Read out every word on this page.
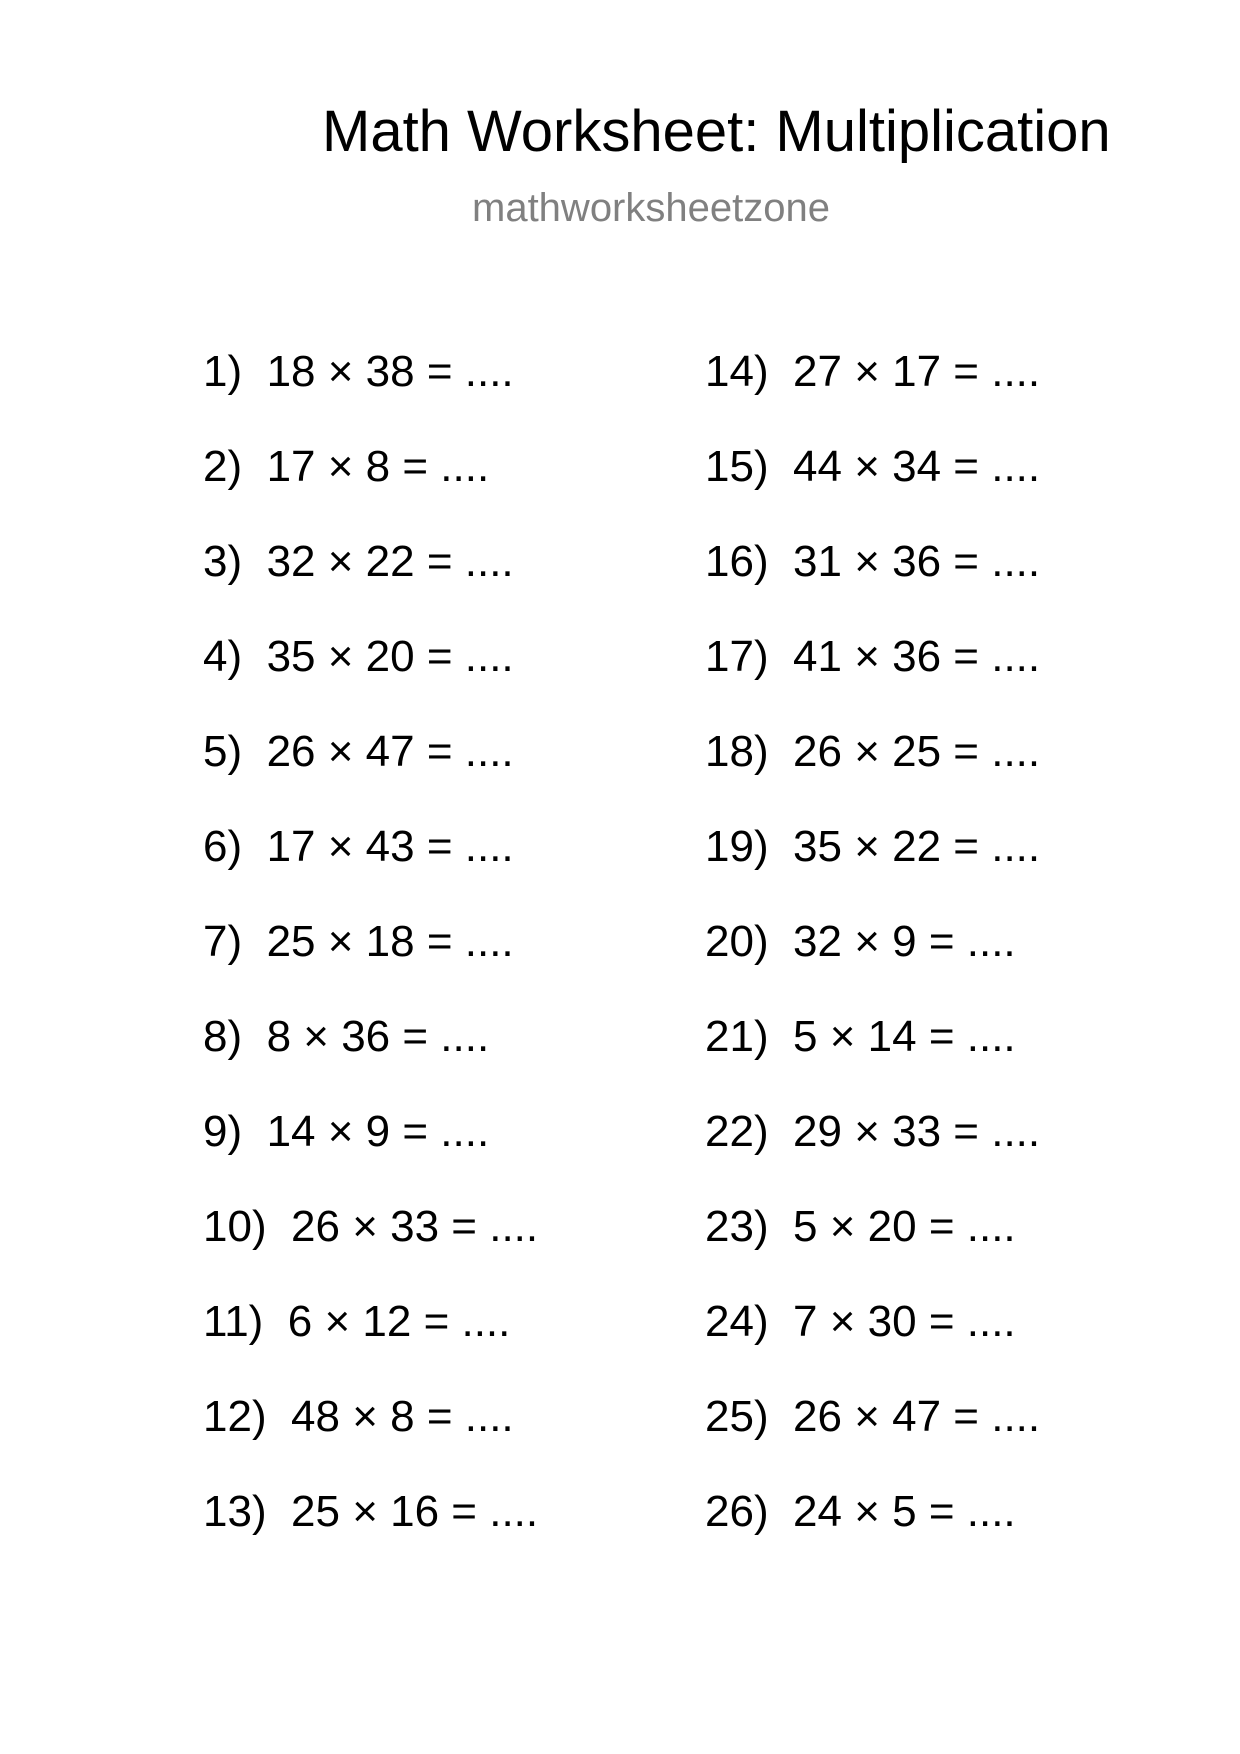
Math Worksheet: Multiplication
mathworksheetzone
1) 18 × 38 = ....
2) 17 × 8 = ....
3) 32 × 22 = ....
4) 35 × 20 = ....
5) 26 × 47 = ....
6) 17 × 43 = ....
7) 25 × 18 = ....
8) 8 × 36 = ....
9) 14 × 9 = ....
10) 26 × 33 = ....
11) 6 × 12 = ....
12) 48 × 8 = ....
13) 25 × 16 = ....
14) 27 × 17 = ....
15) 44 × 34 = ....
16) 31 × 36 = ....
17) 41 × 36 = ....
18) 26 × 25 = ....
19) 35 × 22 = ....
20) 32 × 9 = ....
21) 5 × 14 = ....
22) 29 × 33 = ....
23) 5 × 20 = ....
24) 7 × 30 = ....
25) 26 × 47 = ....
26) 24 × 5 = ....
